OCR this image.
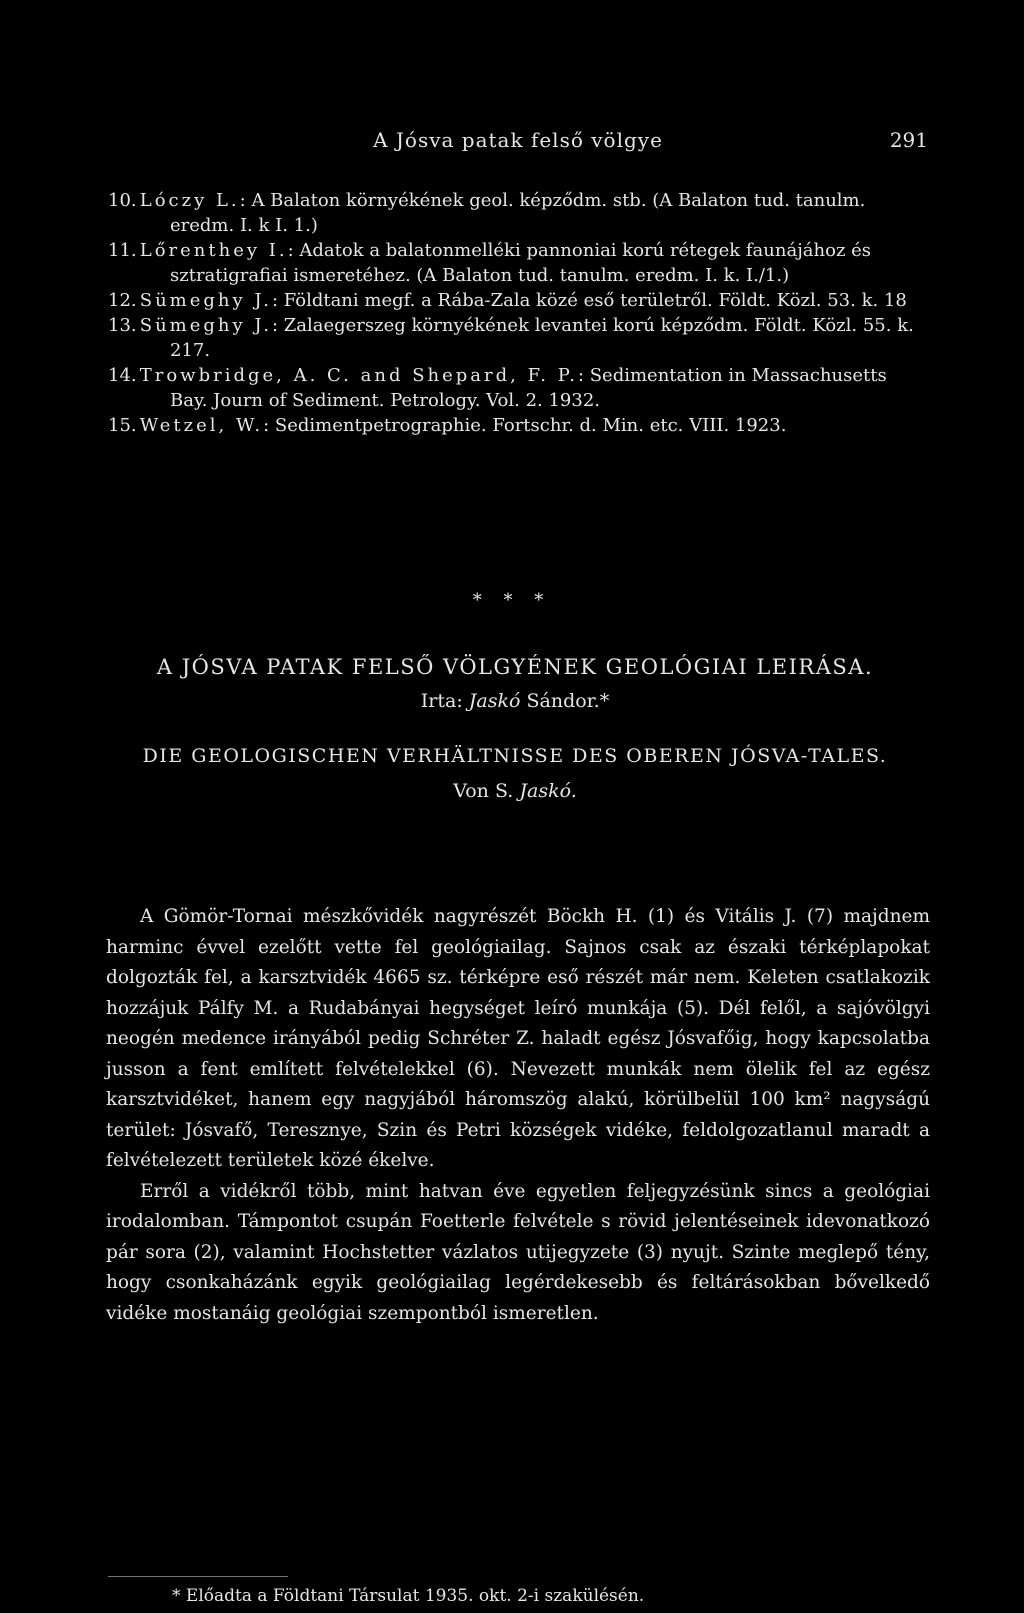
A Jósva patak felső völgye	291

10. Lóczy L.: A Balaton környékének geol. képződm. stb. (A Balaton tud. tanulm. eredm. I. k I. 1.)

11. Lőrenthey I.: Adatok a balatonmelléki pannoniai korú rétegek faunájához és sztratigrafiai ismeretéhez. (A Balaton tud. tanulm. eredm. I. k. I./1.)

12. Sümeghy J.: Földtani megf. a Rába-Zala közé eső területről. Földt. Közl. 53. k. 18

13. Sümeghy J.: Zalaegerszeg környékének levantei korú képződm. Földt. Közl. 55. k. 217.

14. Trowbridge, A. C. and Shepard, F. P.: Sedimentation in Massachusetts Bay. Journ of Sediment. Petrology. Vol. 2. 1932.

15. Wetzel, W.: Sedimentpetrographie. Fortschr. d. Min. etc. VIII. 1923.

* * *

A JÓSVA PATAK FELSŐ VÖLGYÉNEK GEOLÓGIAI LEIRÁSA.

Irta: Jaskó Sándor.*

DIE GEOLOGISCHEN VERHÄLTNISSE DES OBEREN JÓSVA-TALES.

Von S. Jaskó.

A Gömör-Tornai mészkővidék nagyrészét Böckh H. (1) és Vitális J. (7) majdnem harminc évvel ezelőtt vette fel geológiailag. Sajnos csak az északi térképlapokat dolgozták fel, a karsztvidék 4665 sz. térképre eső részét már nem. Keleten csatlakozik hozzájuk Pálfy M. a Rudabányai hegységet leíró munkája (5). Dél felől, a sajóvölgyi neogén medence irányából pedig Schréter Z. haladt egész Jósvafőig, hogy kapcsolatba jusson a fent említett felvételekkel (6). Nevezett munkák nem ölelik fel az egész karsztvidéket, hanem egy nagyjából háromszög alakú, körülbelül 100 km² nagyságú terület: Jósvafő, Teresznye, Szin és Petri községek vidéke, feldolgozatlanul maradt a felvételezett területek közé ékelve.

Erről a vidékről több, mint hatvan éve egyetlen feljegyzésünk sincs a geológiai irodalomban. Támpontot csupán Foetterle felvétele s rövid jelentéseinek idevonatkozó pár sora (2), valamint Hochstetter vázlatos utijegyzete (3) nyujt. Szinte meglepő tény, hogy csonkaházánk egyik geológiailag legérdekesebb és feltárásokban bővelkedő vidéke mostanáig geológiai szempontból ismeretlen.

* Előadta a Földtani Társulat 1935. okt. 2-i szakülésén.
